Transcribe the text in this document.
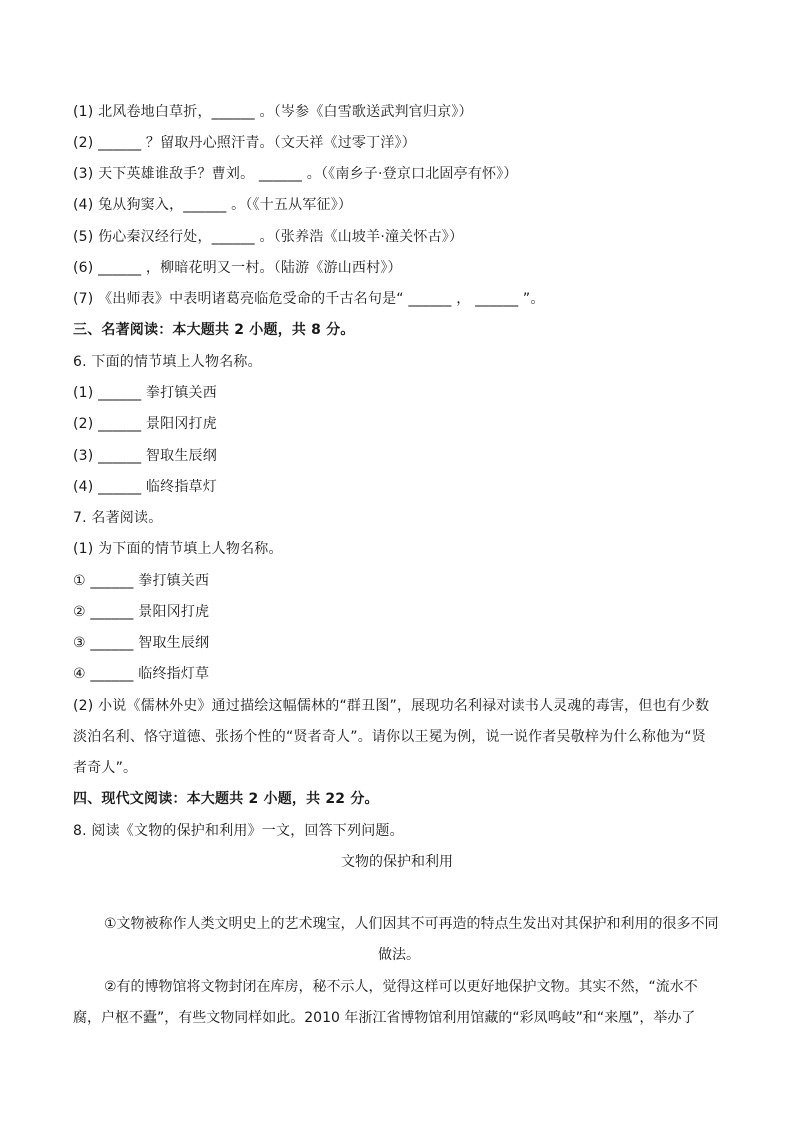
(1) 北风卷地白草折，______ 。（岑参《白雪歌送武判官归京》）
(2) ______ ？留取丹心照汗青。（文天祥《过零丁洋》）
(3) 天下英雄谁敌手？曹刘。 ______ 。（《南乡子·登京口北固亭有怀》）
(4) 兔从狗窦入，______ 。（《十五从军征》）
(5) 伤心秦汉经行处，______ 。（张养浩《山坡羊·潼关怀古》）
(6) ______ ，柳暗花明又一村。（陆游《游山西村》）
(7) 《出师表》中表明诸葛亮临危受命的千古名句是“ ______ ， ______ ”。
三、名著阅读：本大题共 2 小题，共 8 分。
6. 下面的情节填上人物名称。
(1) ______ 拳打镇关西
(2) ______ 景阳冈打虎
(3) ______ 智取生辰纲
(4) ______ 临终指草灯
7. 名著阅读。
(1) 为下面的情节填上人物名称。
① ______ 拳打镇关西
② ______ 景阳冈打虎
③ ______ 智取生辰纲
④ ______ 临终指灯草
(2) 小说《儒林外史》通过描绘这幅儒林的“群丑图”，展现功名利禄对读书人灵魂的毒害，但也有少数
淡泊名利、恪守道德、张扬个性的“贤者奇人”。请你以王冕为例，说一说作者吴敬梓为什么称他为“贤
者奇人”。
四、现代文阅读：本大题共 2 小题，共 22 分。
8. 阅读《文物的保护和利用》一文，回答下列问题。
文物的保护和利用
①文物被称作人类文明史上的艺术瑰宝，人们因其不可再造的特点生发出对其保护和利用的很多不同
做法。
②有的博物馆将文物封闭在库房，秘不示人，觉得这样可以更好地保护文物。其实不然，“流水不
腐，户枢不蠹”，有些文物同样如此。2010 年浙江省博物馆利用馆藏的“彩凤鸣岐”和“来凰”，举办了
